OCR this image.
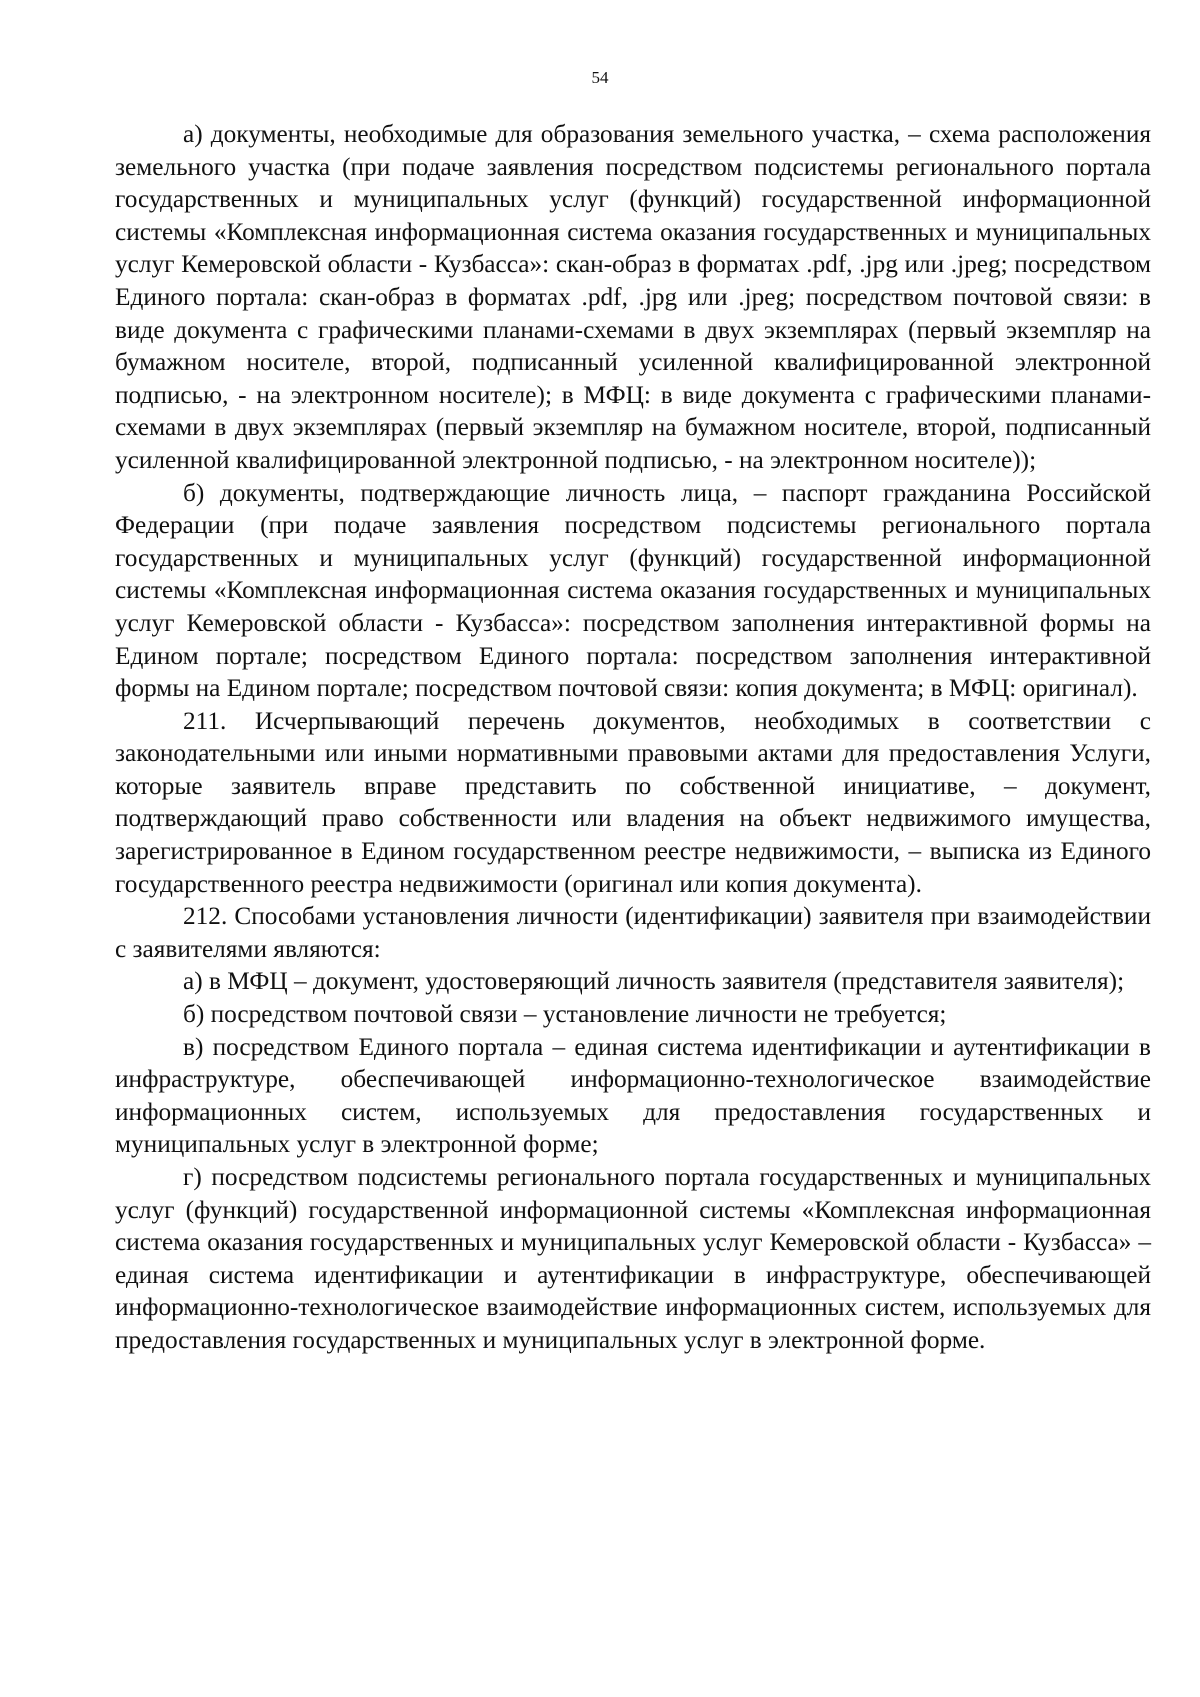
54

а) документы, необходимые для образования земельного участка, – схема расположения земельного участка (при подаче заявления посредством подсистемы регионального портала государственных и муниципальных услуг (функций) государственной информационной системы «Комплексная информационная система оказания государственных и муниципальных услуг Кемеровской области - Кузбасса»: скан-образ в форматах .pdf, .jpg или .jpeg; посредством Единого портала: скан-образ в форматах .pdf, .jpg или .jpeg; посредством почтовой связи: в виде документа с графическими планами-схемами в двух экземплярах (первый экземпляр на бумажном носителе, второй, подписанный усиленной квалифицированной электронной подписью, - на электронном носителе); в МФЦ: в виде документа с графическими планами-схемами в двух экземплярах (первый экземпляр на бумажном носителе, второй, подписанный усиленной квалифицированной электронной подписью, - на электронном носителе));

б) документы, подтверждающие личность лица, – паспорт гражданина Российской Федерации (при подаче заявления посредством подсистемы регионального портала государственных и муниципальных услуг (функций) государственной информационной системы «Комплексная информационная система оказания государственных и муниципальных услуг Кемеровской области - Кузбасса»: посредством заполнения интерактивной формы на Едином портале; посредством Единого портала: посредством заполнения интерактивной формы на Едином портале; посредством почтовой связи: копия документа; в МФЦ: оригинал).

211. Исчерпывающий перечень документов, необходимых в соответствии с законодательными или иными нормативными правовыми актами для предоставления Услуги, которые заявитель вправе представить по собственной инициативе, – документ, подтверждающий право собственности или владения на объект недвижимого имущества, зарегистрированное в Едином государственном реестре недвижимости, – выписка из Единого государственного реестра недвижимости (оригинал или копия документа).

212. Способами установления личности (идентификации) заявителя при взаимодействии с заявителями являются:

а) в МФЦ – документ, удостоверяющий личность заявителя (представителя заявителя);

б) посредством почтовой связи – установление личности не требуется;

в) посредством Единого портала – единая система идентификации и аутентификации в инфраструктуре, обеспечивающей информационно-технологическое взаимодействие информационных систем, используемых для предоставления государственных и муниципальных услуг в электронной форме;

г) посредством подсистемы регионального портала государственных и муниципальных услуг (функций) государственной информационной системы «Комплексная информационная система оказания государственных и муниципальных услуг Кемеровской области - Кузбасса» – единая система идентификации и аутентификации в инфраструктуре, обеспечивающей информационно-технологическое взаимодействие информационных систем, используемых для предоставления государственных и муниципальных услуг в электронной форме.
